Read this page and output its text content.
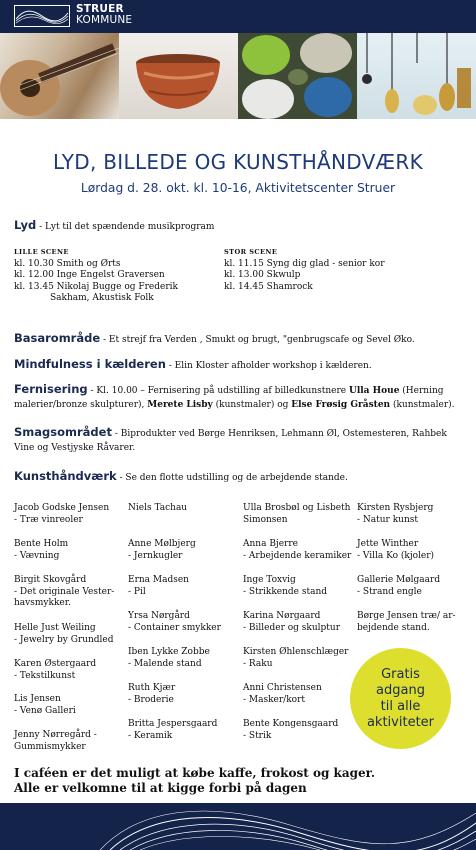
STRUER
KOMMUNE
LYD, BILLEDE OG KUNSTHÅNDVÆRK
Lørdag d. 28. okt. kl. 10-16, Aktivitetscenter Struer
Lyd - Lyt til det spændende musikprogram
LILLE SCENE
kl. 10.30 Smith og Ørts
kl. 12.00 Inge Engelst Graversen
kl. 13.45 Nikolaj Bugge og Frederik
Sakham, Akustisk Folk
STOR SCENE
kl. 11.15 Syng dig glad - senior kor
kl. 13.00 Skwulp
kl. 14.45 Shamrock
Basarområde - Et strejf fra Verden , Smukt og brugt, "genbrugscafe og Sevel Øko.
Mindfulness i kælderen - Elin Kloster afholder workshop i kælderen.
Fernisering - Kl. 10.00 – Fernisering på udstilling af billedkunstnere Ulla Houe (Herning malerier/bronze skulpturer), Merete Lisby (kunstmaler) og Else Frøsig Gråsten (kunstmaler).
Smagsområdet - Biprodukter ved Børge Henriksen, Lehmann Øl, Ostemesteren, Rahbek Vine og Vestjyske Råvarer.
Kunsthåndværk - Se den flotte udstilling og de arbejdende stande.
Jacob Godske Jensen
- Træ vinreoler
Bente Holm
- Vævning
Birgit Skovgård
- Det originale Vester-
havsmykker.
Helle Just Weiling
- Jewelry by Grundled
Karen Østergaard
- Tekstilkunst
Lis Jensen
- Venø Galleri
Jenny Nørregård -
Gummismykker
Niels Tachau
Anne Mølbjerg
- Jernkugler
Erna Madsen
- Pil
Yrsa Nørgård
- Container smykker
Iben Lykke Zobbe
- Malende stand
Ruth Kjær
- Broderie
Britta Jespersgaard
- Keramik
Ulla Brosbøl og Lisbeth
Simonsen
Anna Bjerre
- Arbejdende keramiker
Inge Toxvig
- Strikkende stand
Karina Nørgaard
- Billeder og skulptur
Kirsten Øhlenschlæger
- Raku
Anni Christensen
- Masker/kort
Bente Kongensgaard
- Strik
Kirsten Rysbjerg
- Natur kunst
Jette Winther
- Villa Ko (kjoler)
Gallerie Mølgaard
- Strand engle
Børge Jensen træ/ ar-
bejdende stand.
Gratis
adgang
til alle
aktiviteter
I caféen er det muligt at købe kaffe, frokost og kager.
Alle er velkomne til at kigge forbi på dagen
